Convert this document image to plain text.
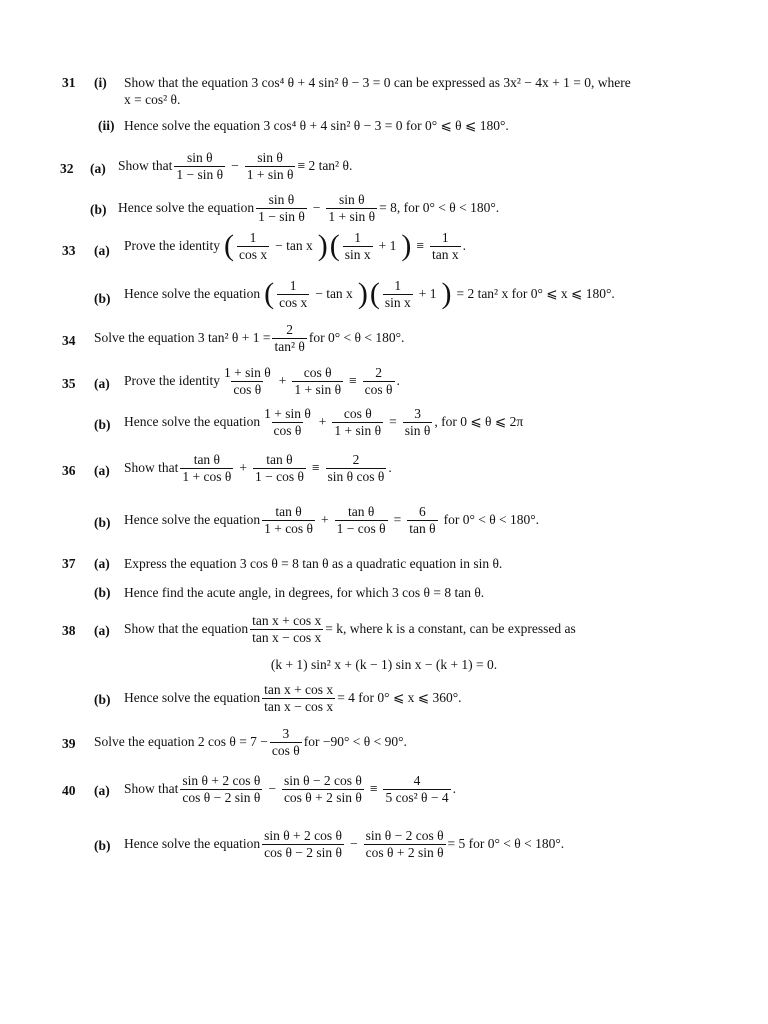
31 (i) Show that the equation 3 cos⁴ θ + 4 sin² θ − 3 = 0 can be expressed as 3x² − 4x + 1 = 0, where
x = cos² θ.
(ii) Hence solve the equation 3 cos⁴ θ + 4 sin² θ − 3 = 0 for 0° ⩽ θ ⩽ 180°.
32 (a) Show that $\frac{\text{sin θ}}{\text{1 − sin θ}} - \frac{\text{sin θ}}{\text{1 + sin θ}} \equiv 2$ tan² θ.
(b) Hence solve the equation $\frac{\text{sin θ}}{\text{1 − sin θ}} - \frac{\text{sin θ}}{\text{1 + sin θ}} = 8$, for 0° < θ < 180°.
33 (a) Prove the identity ( $\frac{1}{\text{cos x}} - \tan x$ ) ( $\frac{1}{\text{sin x}} + 1$ ) ≡ $\frac{1}{\text{tan x}}$ .
(b) Hence solve the equation ( $\frac{1}{\text{cos x}} - \tan x$ ) ( $\frac{1}{\text{sin x}} + 1$ ) = 2 tan² x for 0° ⩽ x ⩽ 180°.
34 Solve the equation 3 tan² $\theta + 1 = \frac{2}{\text{tan² θ}}$ for 0° < θ < 180°.
35 (a) Prove the identity $\frac{\text{1 + sin θ}}{\text{cos θ}} + \frac{\text{cos θ}}{\text{1 + sin θ}} \equiv \frac{2}{\text{cos θ}}$ .
(b) Hence solve the equation $\frac{\text{1 + sin θ}}{\text{cos θ}} + \frac{\text{cos θ}}{\text{1 + sin θ}} = \frac{3}{\text{sin θ}}$ , for 0 ⩽ θ ⩽ 2π
36 (a) Show that $\frac{\text{tan θ}}{\text{1 + cos θ}} + \frac{\text{tan θ}}{\text{1 − cos θ}} \equiv \frac{2}{\text{sin θ cos θ}}$ .
(b) Hence solve the equation $\frac{\text{tan θ}}{\text{1 + cos θ}} + \frac{\text{tan θ}}{\text{1 − cos θ}} = \frac{6}{\text{tan θ}}$ for 0° < θ < 180°.
37 (a) Express the equation 3 cos θ = 8 tan θ as a quadratic equation in sin θ.
(b) Hence find the acute angle, in degrees, for which 3 cos θ = 8 tan θ.
38 (a) Show that the equation $\frac{\text{tan x + cos x}}{\text{tan x − cos x}} = k$, where k is a constant, can be expressed as
(k + 1) sin² x + (k − 1) sin x − (k + 1) = 0.
(b) Hence solve the equation $\frac{\text{tan x + cos x}}{\text{tan x − cos x}} = 4$ for 0° ⩽ x ⩽ 360°.
39 Solve the equation 2 $\cos \theta = 7 - \frac{3}{\text{cos θ}}$ for −90° < θ < 90°.
40 (a) Show that $\frac{\text{sin θ + 2 cos θ}}{\text{cos θ − 2 sin θ}} - \frac{\text{sin θ − 2 cos θ}}{\text{cos θ + 2 sin θ}} \equiv \frac{4}{\text{5 cos² θ − 4}}$ .
(b) Hence solve the equation $\frac{\text{sin θ + 2 cos θ}}{\text{cos θ − 2 sin θ}} - \frac{\text{sin θ − 2 cos θ}}{\text{cos θ + 2 sin θ}} = 5$ for 0° < θ < 180°.
